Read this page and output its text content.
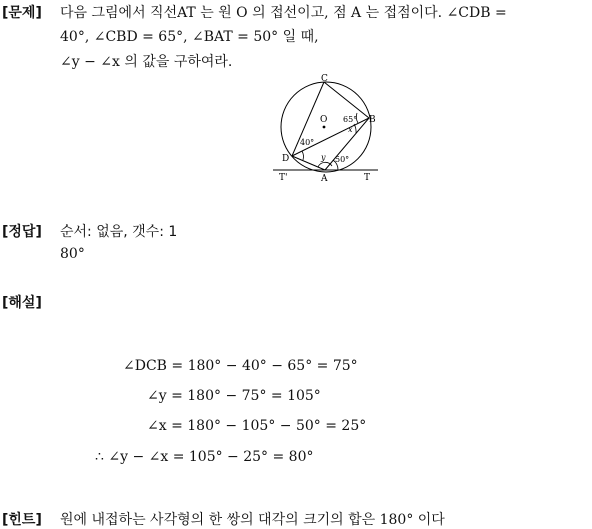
[문제] 다음 그림에서 직선AT 는 원 O 의 접선이고, 점 A 는 접점이다. ∠CDB =
40°, ∠CBD = 65°, ∠BAT = 50° 일 때,
∠y − ∠x 의 값을 구하여라.
C
B
D
A
T'	T
O 65°
40°
50°
x
y
[정답] 순서: 없음, 갯수: 1
80°
[해설]
∠DCB = 180° − 40° − 65° = 75°
∠y = 180° − 75° = 105°
∠x = 180° − 105° − 50° = 25°
∴ ∠y − ∠x = 105° − 25° = 80°
[힌트] 원에 내접하는 사각형의 한 쌍의 대각의 크기의 합은 180° 이다
